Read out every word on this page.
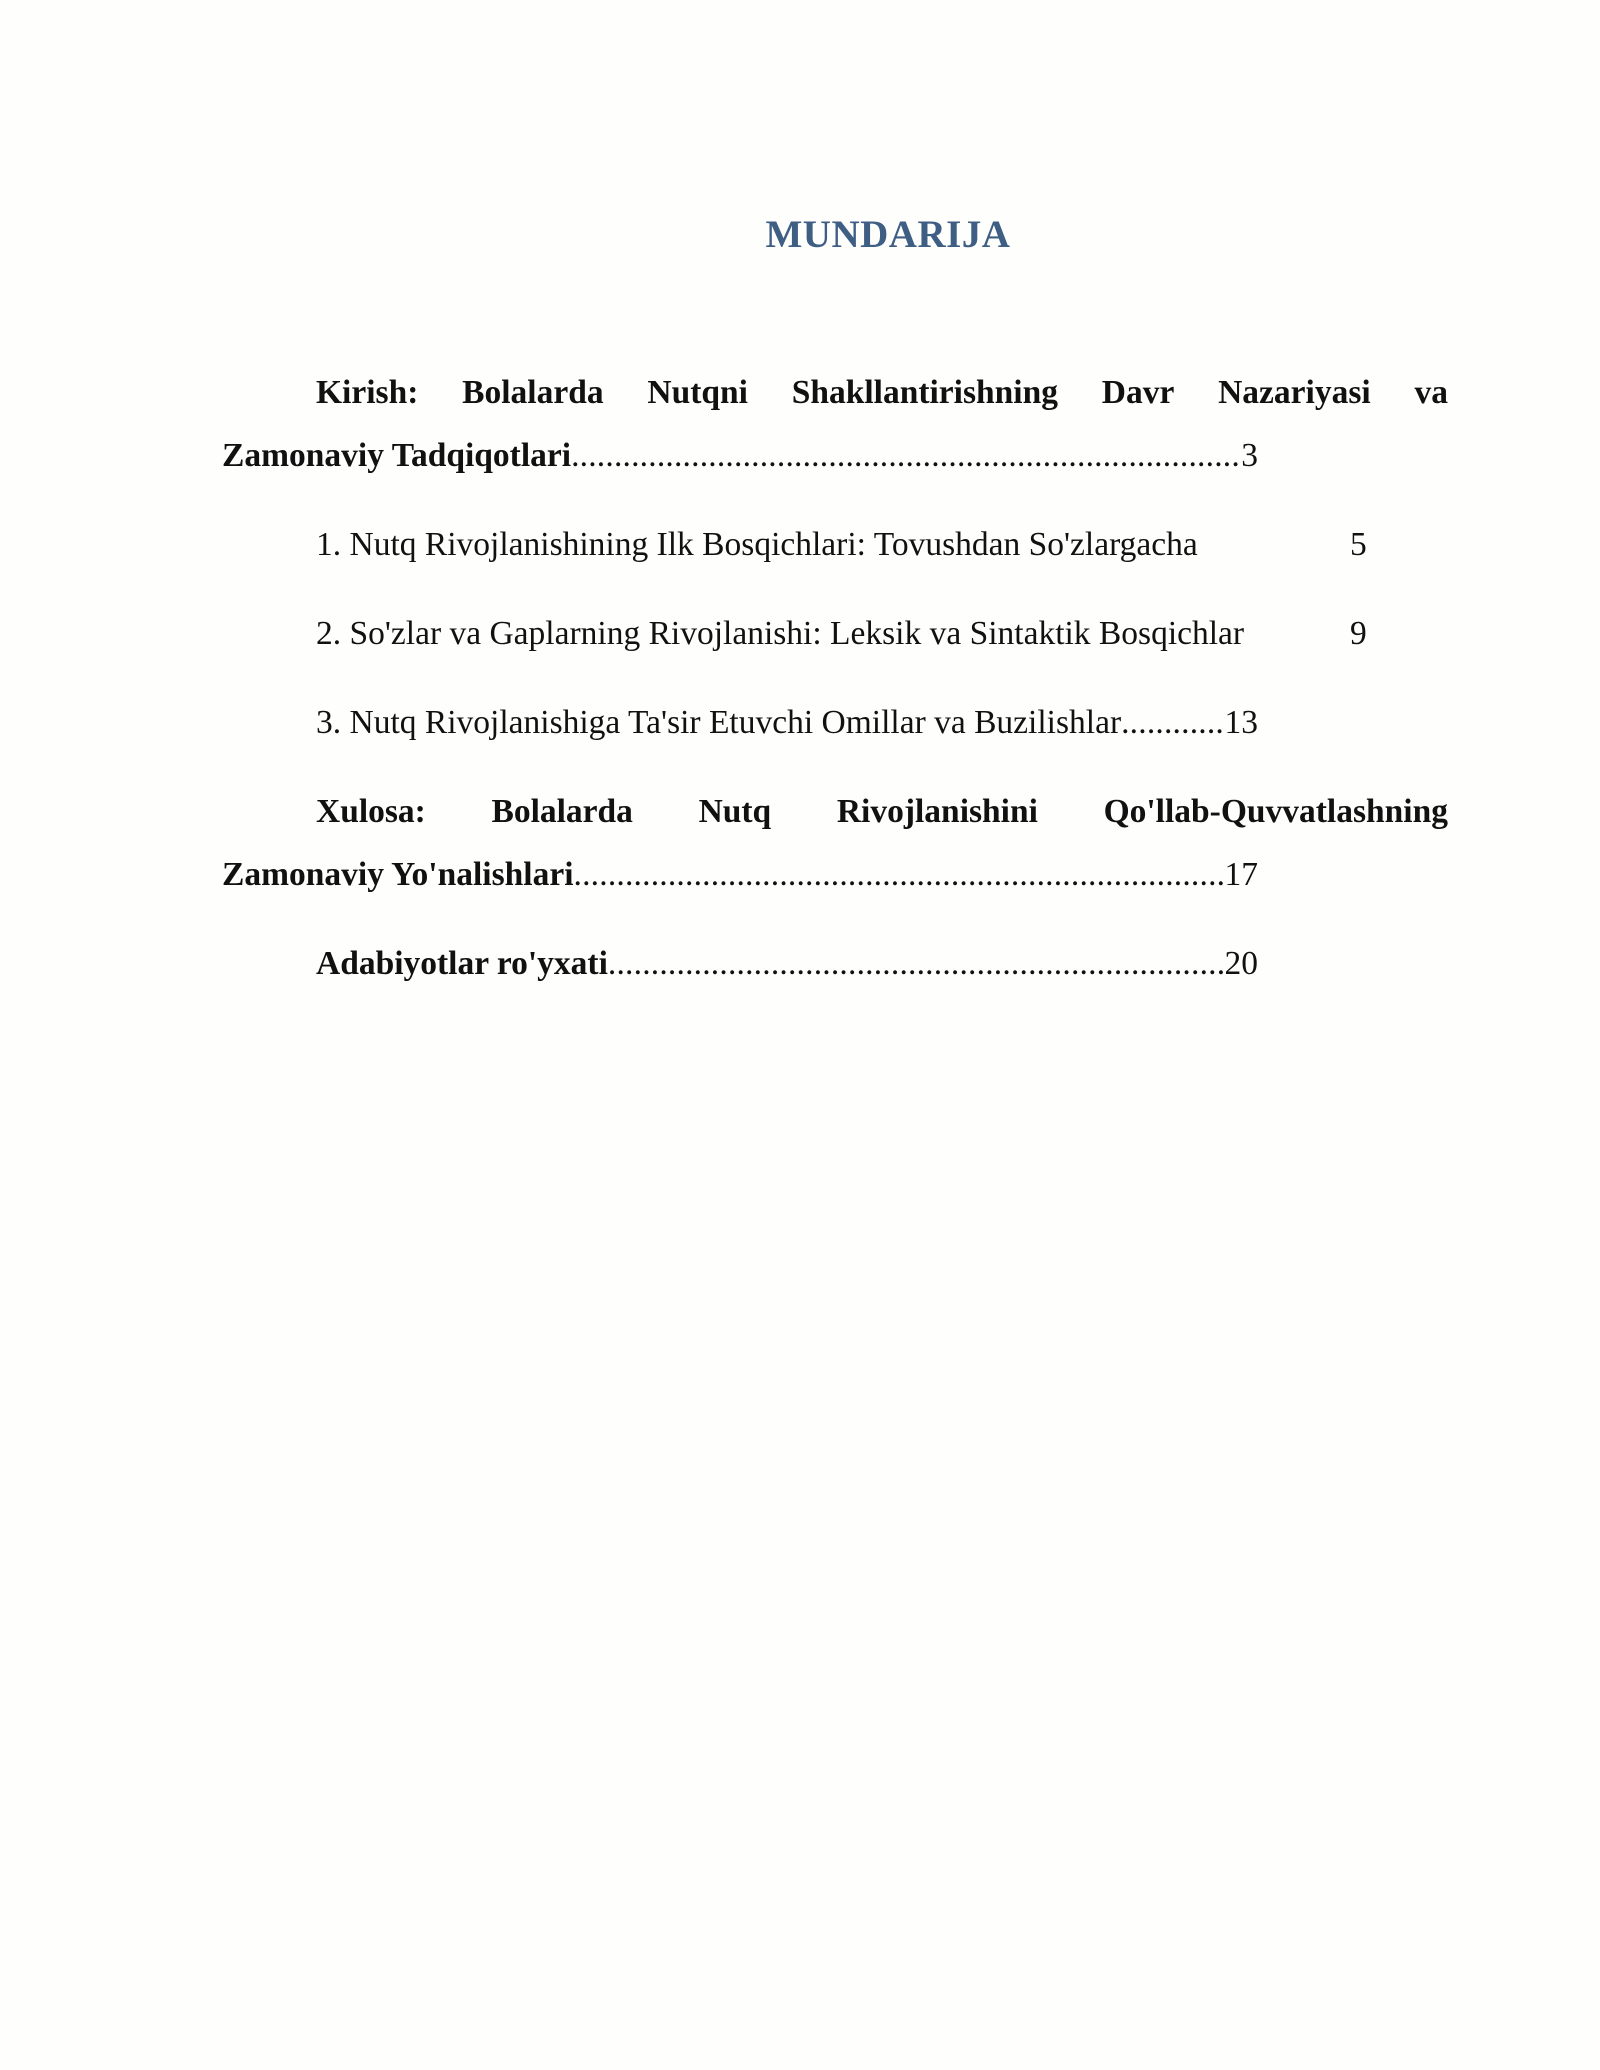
MUNDARIJA
Kirish: Bolalarda Nutqni Shakllantirishning Davr Nazariyasi va
Zamonaviy Tadqiqotlari .....	3
1. Nutq Rivojlanishining Ilk Bosqichlari: Tovushdan So'zlargacha	5
2. So'zlar va Gaplarning Rivojlanishi: Leksik va Sintaktik Bosqichlar	9
3. Nutq Rivojlanishiga Ta'sir Etuvchi Omillar va Buzilishlar .....	13
Xulosa: Bolalarda Nutq Rivojlanishini Qo'llab-Quvvatlashning
Zamonaviy Yo'nalishlari .....	17
Adabiyotlar ro'yxati .....	20
